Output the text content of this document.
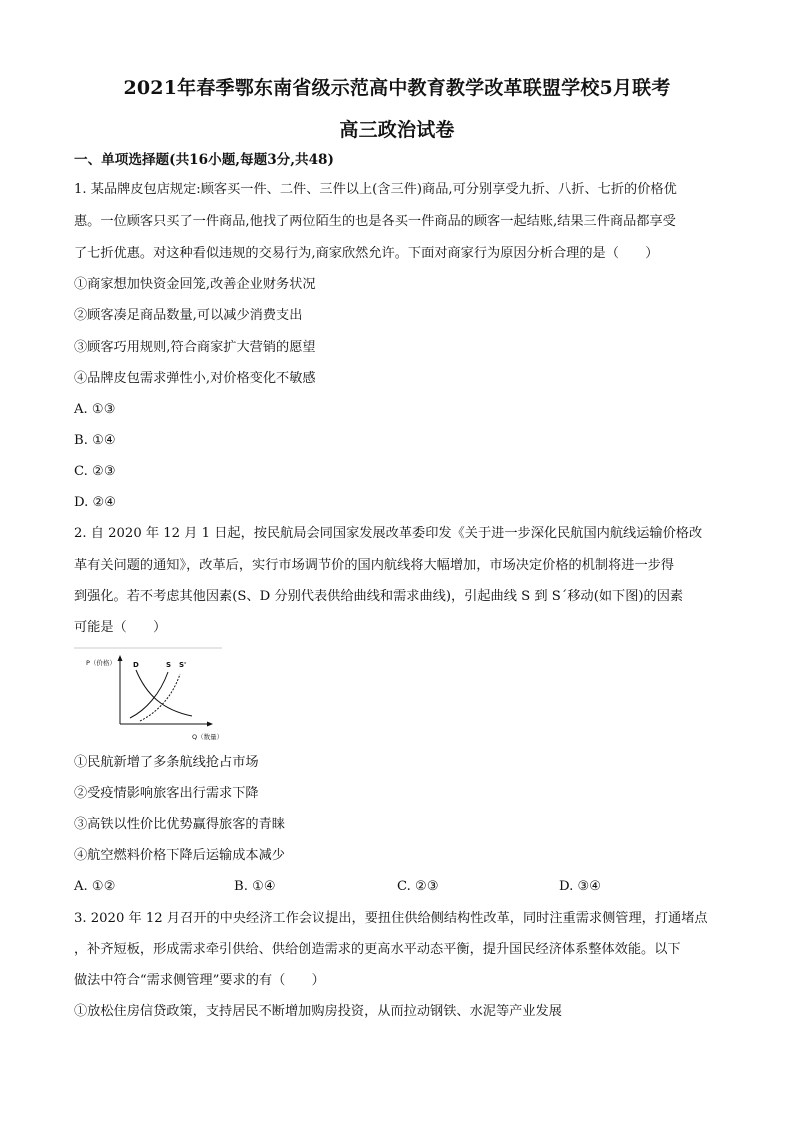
2021年春季鄂东南省级示范高中教育教学改革联盟学校5月联考
高三政治试卷
一、单项选择题(共16小题,每题3分,共48)
1. 某品牌皮包店规定:顾客买一件、二件、三件以上(含三件)商品,可分别享受九折、八折、七折的价格优
惠。一位顾客只买了一件商品,他找了两位陌生的也是各买一件商品的顾客一起结账,结果三件商品都享受
了七折优惠。对这种看似违规的交易行为,商家欣然允许。下面对商家行为原因分析合理的是（　　）
①商家想加快资金回笼,改善企业财务状况
②顾客凑足商品数量,可以减少消费支出
③顾客巧用规则,符合商家扩大营销的愿望
④品牌皮包需求弹性小,对价格变化不敏感
A. ①③
B. ①④
C. ②③
D. ②④
2. 自 2020 年 12 月 1 日起，按民航局会同国家发展改革委印发《关于进一步深化民航国内航线运输价格改
革有关问题的通知》，改革后，实行市场调节价的国内航线将大幅增加，市场决定价格的机制将进一步得
到强化。若不考虑其他因素(S、D 分别代表供给曲线和需求曲线)，引起曲线 S 到 S´移动(如下图)的因素
可能是（　　）
P（价格）
Q（数量）
D	S S'
①民航新增了多条航线抢占市场
②受疫情影响旅客出行需求下降
③高铁以性价比优势赢得旅客的青睐
④航空燃料价格下降后运输成本减少
A. ①②	B. ①④	C. ②③	D. ③④
3. 2020 年 12 月召开的中央经济工作会议提出，要扭住供给侧结构性改革，同时注重需求侧管理，打通堵点
，补齐短板，形成需求牵引供给、供给创造需求的更高水平动态平衡，提升国民经济体系整体效能。以下
做法中符合“需求侧管理”要求的有（　　）
①放松住房信贷政策，支持居民不断增加购房投资，从而拉动钢铁、水泥等产业发展
